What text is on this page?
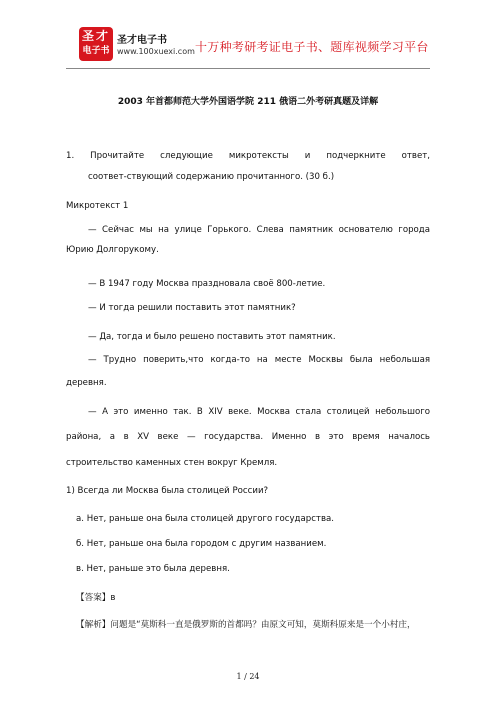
圣才
电子书
圣才电子书
www.100xuexi.com 十万种考研考证电子书、题库视频学习平台
2003 年首都师范大学外国语学院 211 俄语二外考研真题及详解
1. Прочитайте следующие микротексты и подчеркните ответ,
соответ-ствующий содержанию прочитанного. (30 б.)
Микротекст 1
— Сейчас мы на улице Горького. Слева памятник основателю города
Юрию Долгорукому.
— В 1947 году Москва праздновала своё 800-летие.
— И тогда решили поставить этот памятник?
— Да, тогда и было решено поставить этот памятник.
— Трудно поверить,что когда-то на месте Москвы была небольшая
деревня.
— А это именно так. В XIV веке. Москва стала столицей небольшого
района, а в XV веке — государства. Именно в это время началось
строительство каменных стен вокруг Кремля.
1) Всегда ли Москва была столицей России?
а. Нет, раньше она была столицей другого государства.
б. Нет, раньше она была городом с другим названием.
в. Нет, раньше это была деревня.
【答案】в
【解析】问题是“莫斯科一直是俄罗斯的首都吗？由原文可知，莫斯科原来是一个小村庄，
1 / 24
